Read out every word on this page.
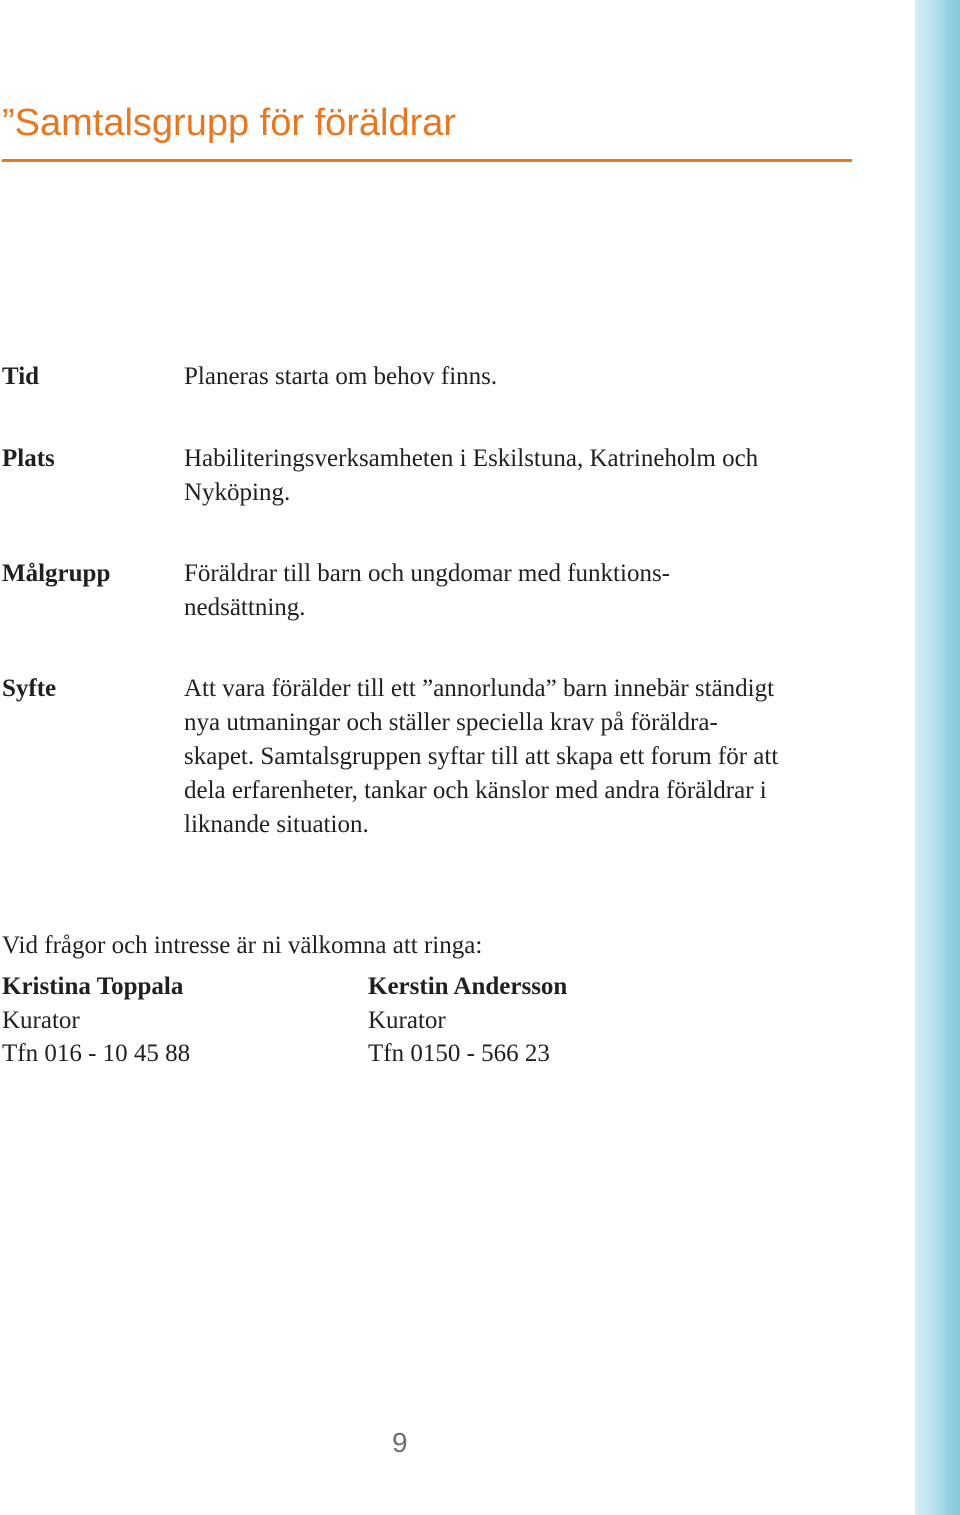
”Samtalsgrupp för föräldrar
Tid	Planeras starta om behov finns.

Plats	Habiliteringsverksamheten i Eskilstuna, Katrineholm och
Nyköping.

Målgrupp	Föräldrar till barn och ungdomar med funktions-
nedsättning.

Syfte	Att vara förälder till ett ”annorlunda” barn innebär ständigt
nya utmaningar och ställer speciella krav på föräldra-
skapet. Samtalsgruppen syftar till att skapa ett forum för att
dela erfarenheter, tankar och känslor med andra föräldrar i
liknande situation.

Vid frågor och intresse är ni välkomna att ringa:

Kristina Toppala
Kurator
Tfn 016 - 10 45 88
Kerstin Andersson
Kurator
Tfn 0150 - 566 23
9
